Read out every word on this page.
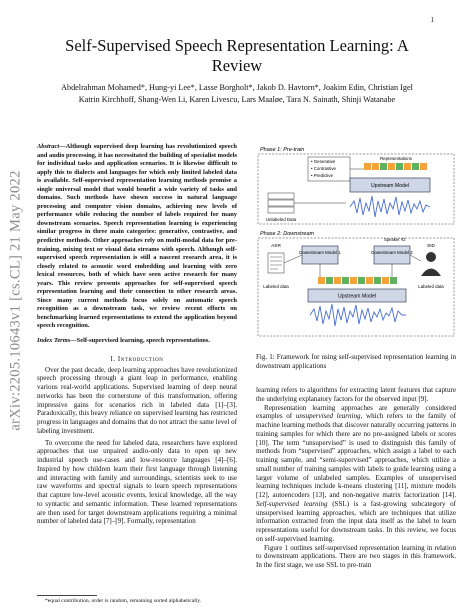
1
arXiv:2205.10643v1 [cs.CL] 21 May 2022
Self-Supervised Speech Representation Learning: A Review
Abdelrahman Mohamed*, Hung-yi Lee*, Lasse Borgholt*, Jakob D. Havtorn*, Joakim Edin, Christian Igel Katrin Kirchhoff, Shang-Wen Li, Karen Livescu, Lars Maaløe, Tara N. Sainath, Shinji Watanabe

Abstract—Although supervised deep learning has revolutionized speech and audio processing, it has necessitated the building of specialist models for individual tasks and application scenarios. It is likewise difficult to apply this to dialects and languages for which only limited labeled data is available. Self-supervised representation learning methods promise a single universal model that would benefit a wide variety of tasks and domains. Such methods have shown success in natural language processing and computer vision domains, achieving new levels of performance while reducing the number of labels required for many downstream scenarios. Speech representation learning is experiencing similar progress in three main categories: generative, contrastive, and predictive methods. Other approaches rely on multi-modal data for pre-training, mixing text or visual data streams with speech. Although self-supervised speech representation is still a nascent research area, it is closely related to acoustic word embedding and learning with zero lexical resources, both of which have seen active research for many years. This review presents approaches for self-supervised speech representation learning and their connection to other research areas. Since many current methods focus solely on automatic speech recognition as a downstream task, we review recent efforts on benchmarking learned representations to extend the application beyond speech recognition.

Index Terms—Self-supervised learning, speech representations.

I. Introduction

Over the past decade, deep learning approaches have revolutionized speech processing through a giant leap in performance, enabling various real-world applications. Supervised learning of deep neural networks has been the cornerstone of this transformation, offering impressive gains for scenarios rich in labeled data [1]–[3]. Paradoxically, this heavy reliance on supervised learning has restricted progress in languages and domains that do not attract the same level of labeling investment.

To overcome the need for labeled data, researchers have explored approaches that use unpaired audio-only data to open up new industrial speech use-cases and low-resource languages [4]–[6]. Inspired by how children learn their first language through listening and interacting with family and surroundings, scientists seek to use raw waveforms and spectral signals to learn speech representations that capture low-level acoustic events, lexical knowledge, all the way to syntactic and semantic information. These learned representations are then used for target downstream applications requiring a minimal number of labeled data [7]–[9]. Formally, representation

*equal contribution, order is random, remaining sorted alphabetically.
Phase 1: Pre-train
• Generative
• Contrastive
• Predictive
Representations
Upstream Model
Unlabeled Data
Phase 2: Downstream
ASR
Labeled data
Downstream Model 1	Downstream Model 2
Speaker #2
SID
Labeled data
Upstream Model
Fig. 1: Framework for using self-supervised representation learning in downstream applications

learning refers to algorithms for extracting latent features that capture the underlying explanatory factors for the observed input [9].

Representation learning approaches are generally considered examples of unsupervised learning, which refers to the family of machine learning methods that discover naturally occurring patterns in training samples for which there are no pre-assigned labels or scores [10]. The term “unsupervised” is used to distinguish this family of methods from “supervised” approaches, which assign a label to each training sample, and “semi-supervised” approaches, which utilize a small number of training samples with labels to guide learning using a larger volume of unlabeled samples. Examples of unsupervised learning techniques include k-means clustering [11], mixture models [12], autoencoders [13], and non-negative matrix factorization [14]. Self-supervised learning (SSL) is a fast-growing subcategory of unsupervised learning approaches, which are techniques that utilize information extracted from the input data itself as the label to learn representations useful for downstream tasks. In this review, we focus on self-supervised learning.

Figure 1 outlines self-supervised representation learning in relation to downstream applications. There are two stages in this framework. In the first stage, we use SSL to pre-train
